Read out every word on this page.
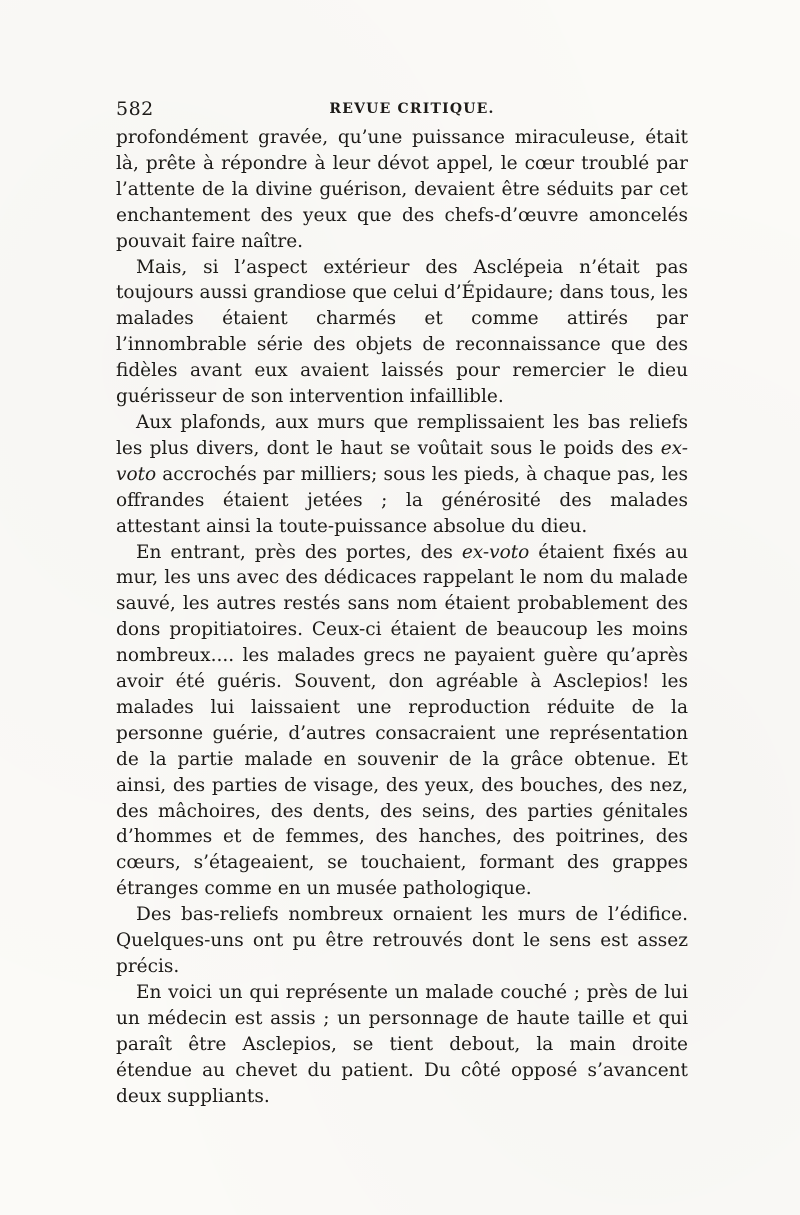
582	REVUE CRITIQUE.

profondément gravée, qu’une puissance miraculeuse, était là, prête à répondre à leur dévot appel, le cœur troublé par l’attente de la divine guérison, devaient être séduits par cet enchantement des yeux que des chefs-d’œuvre amoncelés pouvait faire naître.

Mais, si l’aspect extérieur des Asclépeia n’était pas toujours aussi grandiose que celui d’Épidaure; dans tous, les malades étaient charmés et comme attirés par l’innombrable série des objets de reconnaissance que des fidèles avant eux avaient laissés pour remercier le dieu guérisseur de son intervention infaillible.

Aux plafonds, aux murs que remplissaient les bas reliefs les plus divers, dont le haut se voûtait sous le poids des ex-voto accrochés par milliers; sous les pieds, à chaque pas, les offrandes étaient jetées ; la générosité des malades attestant ainsi la toute-puissance absolue du dieu.

En entrant, près des portes, des ex-voto étaient fixés au mur, les uns avec des dédicaces rappelant le nom du malade sauvé, les autres restés sans nom étaient probablement des dons propitiatoires. Ceux-ci étaient de beaucoup les moins nombreux.... les malades grecs ne payaient guère qu’après avoir été guéris. Souvent, don agréable à Asclepios! les malades lui laissaient une reproduction réduite de la personne guérie, d’autres consacraient une représentation de la partie malade en souvenir de la grâce obtenue. Et ainsi, des parties de visage, des yeux, des bouches, des nez, des mâchoires, des dents, des seins, des parties génitales d’hommes et de femmes, des hanches, des poitrines, des cœurs, s’étageaient, se touchaient, formant des grappes étranges comme en un musée pathologique.

Des bas-reliefs nombreux ornaient les murs de l’édifice. Quelques-uns ont pu être retrouvés dont le sens est assez précis.

En voici un qui représente un malade couché ; près de lui un médecin est assis ; un personnage de haute taille et qui paraît être Asclepios, se tient debout, la main droite étendue au chevet du patient. Du côté opposé s’avancent deux suppliants.
